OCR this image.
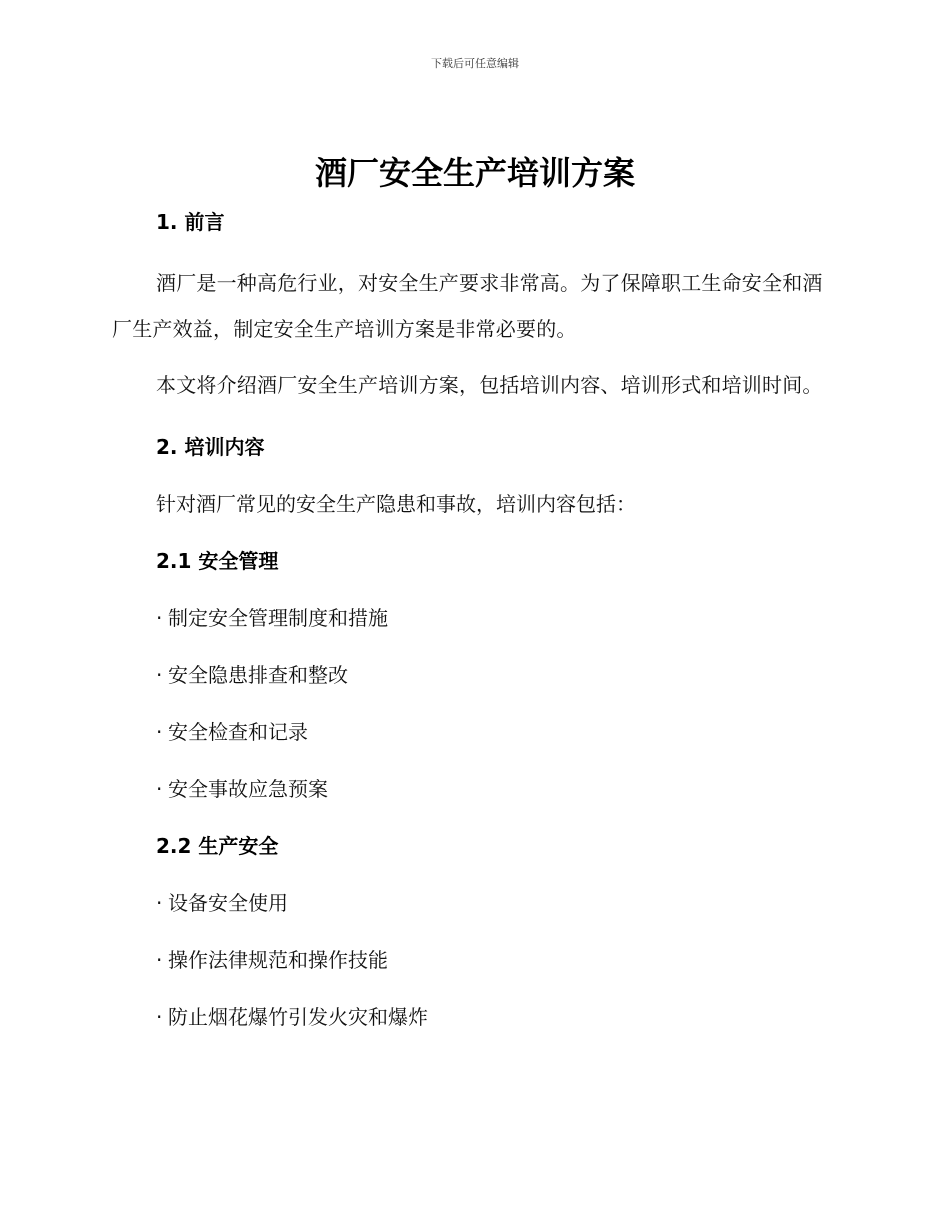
下载后可任意编辑
酒厂安全生产培训方案
1. 前言

酒厂是一种高危行业，对安全生产要求非常高。为了保障职工生命安全和酒厂生产效益，制定安全生产培训方案是非常必要的。

本文将介绍酒厂安全生产培训方案，包括培训内容、培训形式和培训时间。

2. 培训内容
针对酒厂常见的安全生产隐患和事故，培训内容包括：
2.1 安全管理
· 制定安全管理制度和措施
· 安全隐患排查和整改
· 安全检查和记录
· 安全事故应急预案
2.2 生产安全
· 设备安全使用
· 操作法律规范和操作技能
· 防止烟花爆竹引发火灾和爆炸
